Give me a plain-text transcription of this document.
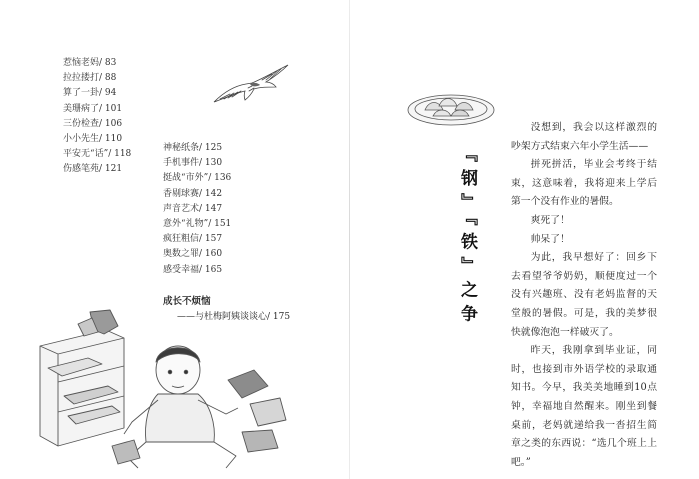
惹恼老妈/ 83
拉拉搂打/ 88
算了一卦/ 94
美珊病了/ 101
三份检查/ 106
小小先生/ 110
平安无“话”/ 118
伤感笔苑/ 121
神秘纸条/ 125
手机事件/ 130
挺战“市外”/ 136
香剔球赛/ 142
声音艺术/ 147
意外“礼物”/ 151
疯狂粗信/ 157
奥数之罪/ 160
感受幸福/ 165
成长不烦恼
——与杜梅阿姨谈谈心/ 175	『钢』『铁』之争

没想到，我会以这样激烈的吵架方式结束六年小学生活——

拼死拼活，毕业会考终于结束，这意味着，我将迎来上学后第一个没有作业的暑假。

爽死了！

帅呆了！

为此，我早想好了：回乡下去看望爷爷奶奶，顺便度过一个没有兴趣班、没有老妈监督的天堂般的暑假。可是，我的美梦很快就像泡泡一样破灭了。

昨天，我刚拿到毕业证，同时，也接到市外语学校的录取通知书。今早，我美美地睡到10点钟，幸福地自然醒来。刚坐到餐桌前，老妈就递给我一沓招生简章之类的东西说：“选几个班上上吧。”
